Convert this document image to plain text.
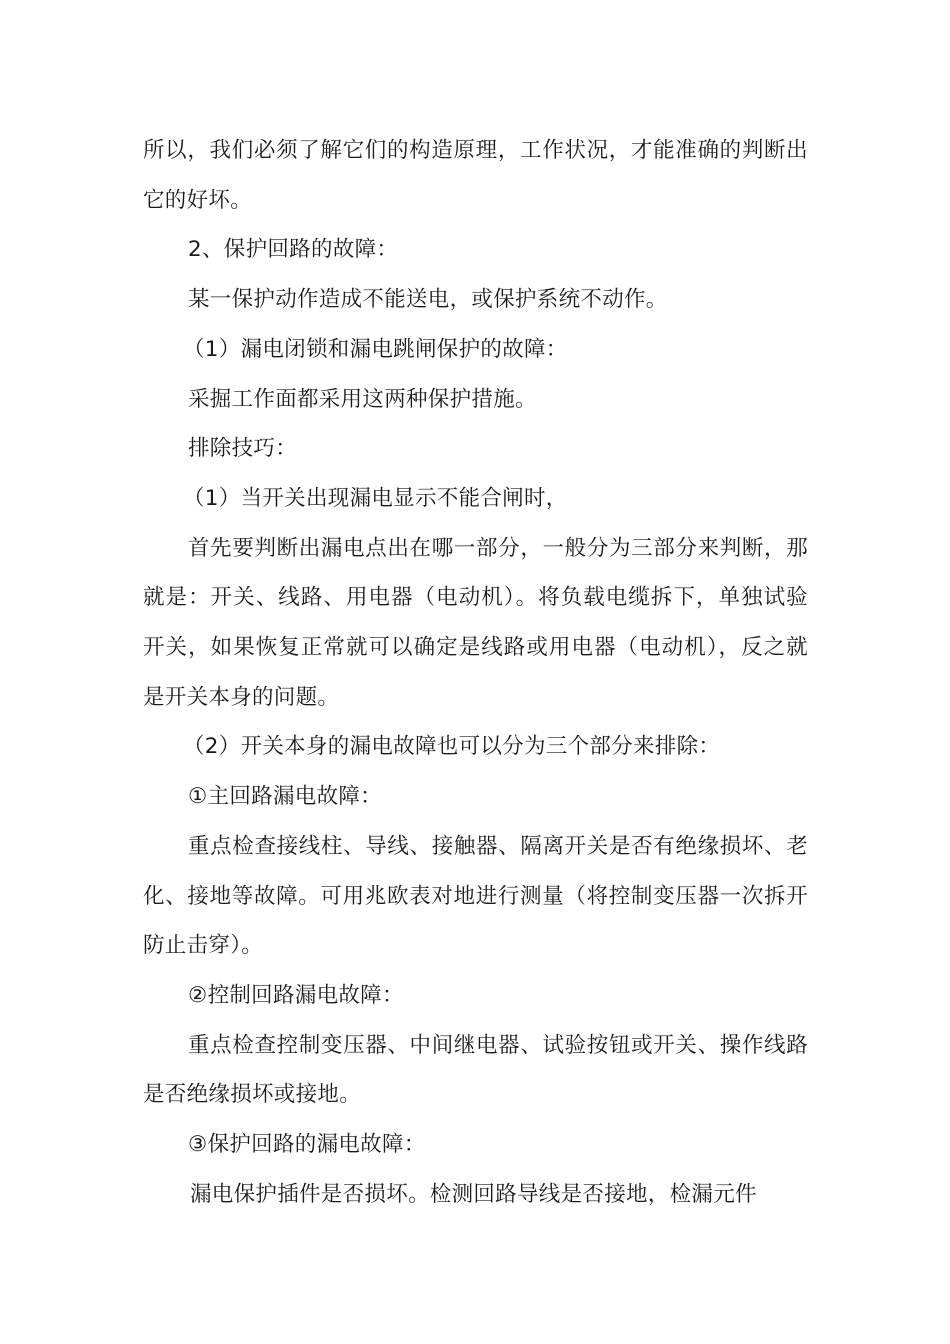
所以，我们必须了解它们的构造原理，工作状况，才能准确的判断出它的好坏。

2、保护回路的故障：

某一保护动作造成不能送电，或保护系统不动作。

（1）漏电闭锁和漏电跳闸保护的故障：

采掘工作面都采用这两种保护措施。

排除技巧：

（1）当开关出现漏电显示不能合闸时，

首先要判断出漏电点出在哪一部分，一般分为三部分来判断，那就是：开关、线路、用电器（电动机）。将负载电缆拆下，单独试验开关，如果恢复正常就可以确定是线路或用电器（电动机），反之就是开关本身的问题。

（2）开关本身的漏电故障也可以分为三个部分来排除：

①主回路漏电故障：

重点检查接线柱、导线、接触器、隔离开关是否有绝缘损坏、老化、接地等故障。可用兆欧表对地进行测量（将控制变压器一次拆开防止击穿）。

②控制回路漏电故障：

重点检查控制变压器、中间继电器、试验按钮或开关、操作线路是否绝缘损坏或接地。

③保护回路的漏电故障：

漏电保护插件是否损坏。检测回路导线是否接地，检漏元件
